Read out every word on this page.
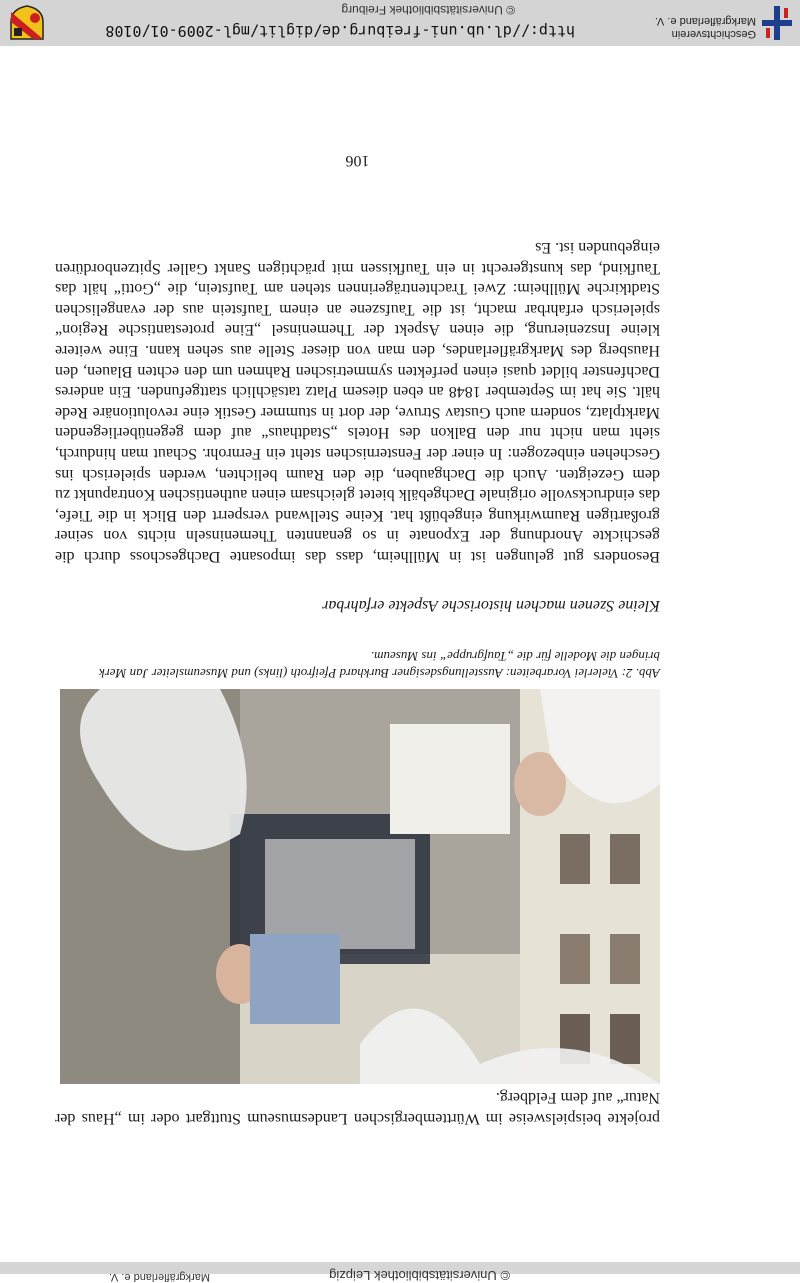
© Universitätsbibliothek Leipzig
Markgräflerland e. V.
Geschichtsverein
Markgräflerland e. V.
http://dl.ub.uni-freiburg.de/diglit/mgl-2009-01/0108
© Universitätsbibliothek Freiburg

projekte beispielsweise im Württembergischen Landesmuseum Stuttgart oder im „Haus der Natur“ auf dem Feldberg.

Abb. 2: Vielerlei Vorarbeiten: Ausstellungsdesigner Burkhard Pfeifroth (links) und Museumsleiter Jan Merk bringen die Modelle für die „Taufgruppe“ ins Museum.
Kleine Szenen machen historische Aspekte erfahrbar

Besonders gut gelungen ist in Müllheim, dass das imposante Dachgeschoss durch die geschickte Anordnung der Exponate in so genannten Themeninseln nichts von seiner großartigen Raumwirkung eingebüßt hat. Keine Stellwand versperrt den Blick in die Tiefe, das eindrucksvolle originale Dachgebälk bietet gleichsam einen authentischen Kontrapunkt zu dem Gezeigten. Auch die Dachgauben, die den Raum belichten, werden spielerisch ins Geschehen einbezogen: In einer der Fensternischen steht ein Fernrohr. Schaut man hindurch, sieht man nicht nur den Balkon des Hotels „Stadthaus“ auf dem gegenüberliegenden Marktplatz, sondern auch Gustav Struve, der dort in stummer Gestik eine revolutionäre Rede hält. Sie hat im September 1848 an eben diesem Platz tatsächlich stattgefunden. Ein anderes Dachfenster bildet quasi einen perfekten symmetrischen Rahmen um den echten Blauen, den Hausberg des Markgräflerlandes, den man von dieser Stelle aus sehen kann. Eine weitere kleine Inszenierung, die einen Aspekt der Themeninsel „Eine protestantische Region“ spielerisch erfahrbar macht, ist die Taufszene an einem Taufstein aus der evangelischen Stadtkirche Müllheim: Zwei Trachtenträgerinnen stehen am Taufstein, die „Gotti“ hält das Taufkind, das kunstgerecht in ein Taufkissen mit prächtigen Sankt Galler Spitzenbordüren eingebunden ist. Es

106
